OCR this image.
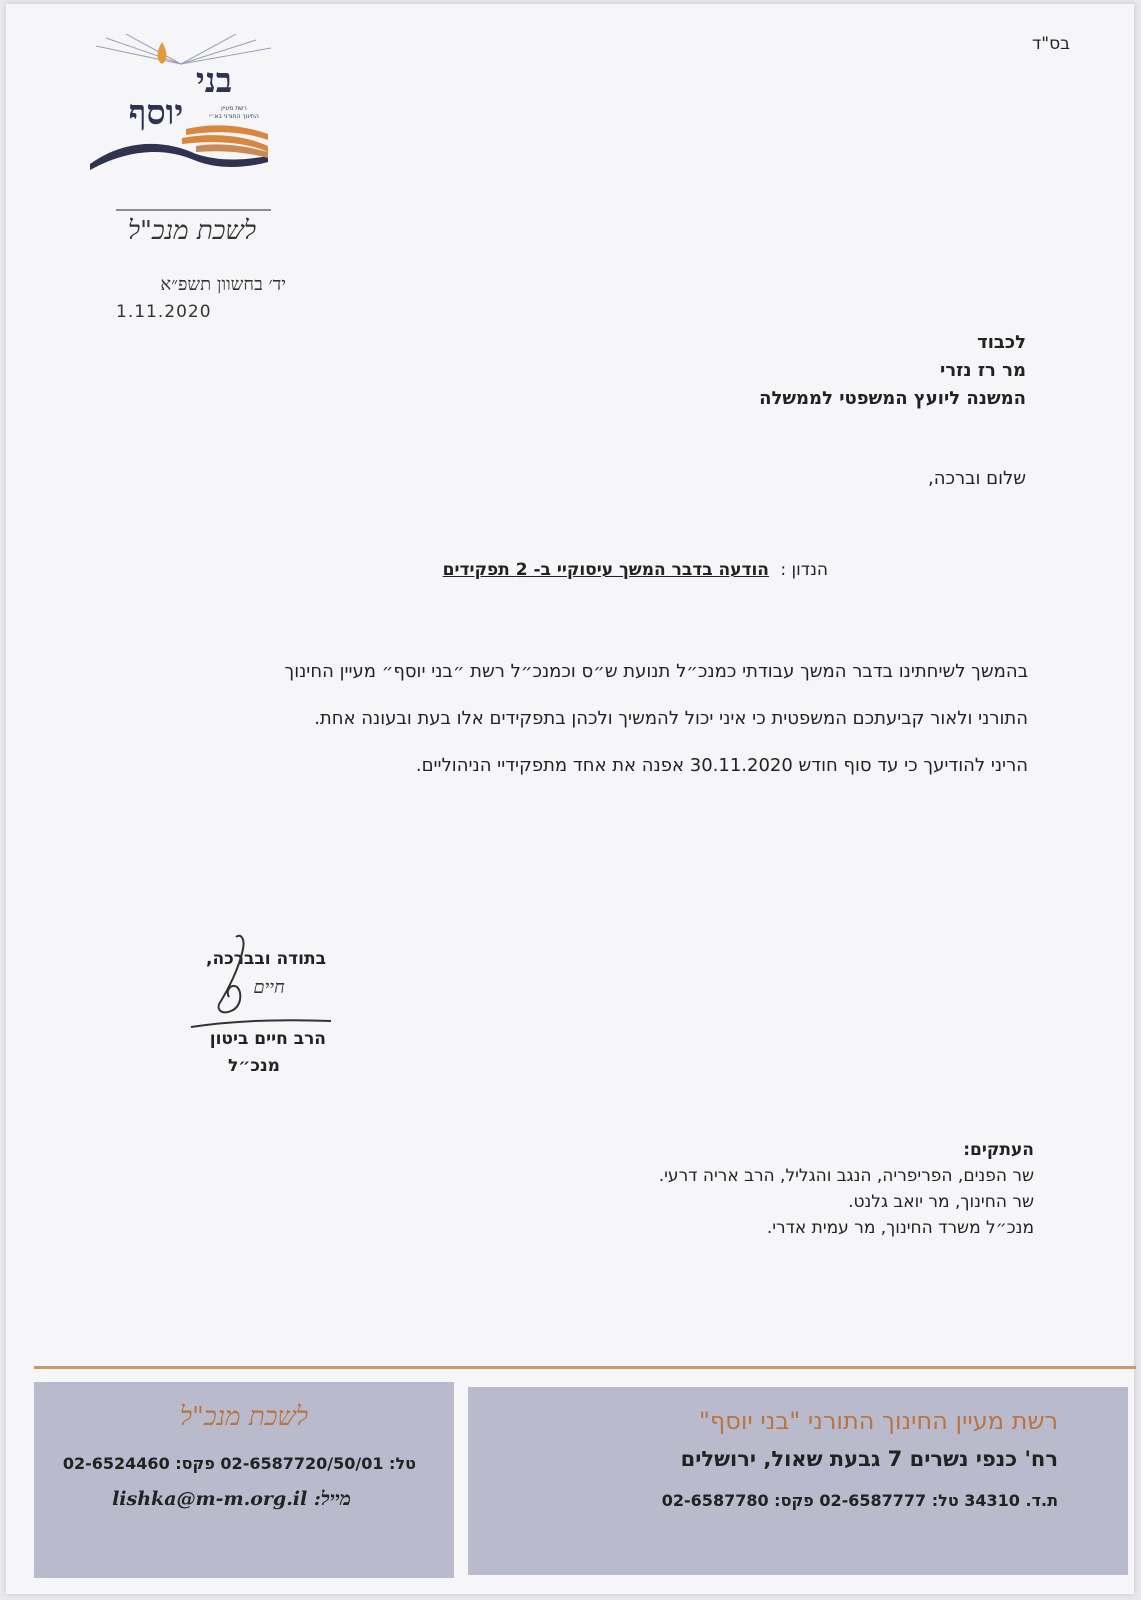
בס"ד
בני
יוסף	רשת מעיין
החינוך התורני בא״י
לשכת מנכ"ל
יד׳ בחשוון תשפ״א
1.11.2020
לכבוד
מר רז נזרי
המשנה ליועץ המשפטי לממשלה
שלום וברכה,
הנדון : הודעה בדבר המשך עיסוקיי ב- 2 תפקידים

בהמשך לשיחתינו בדבר המשך עבודתי כמנכ״ל תנועת ש״ס וכמנכ״ל רשת ״בני יוסף״ מעיין החינוך

התורני ולאור קביעתכם המשפטית כי איני יכול להמשיך ולכהן בתפקידים אלו בעת ובעונה אחת.

הריני להודיעך כי עד סוף חודש 30.11.2020 אפנה את אחד מתפקידיי הניהוליים.

בתודה ובברכה,
חיים
הרב חיים ביטון
מנכ״ל

העתקים:

שר הפנים, הפריפריה, הנגב והגליל, הרב אריה דרעי.

שר החינוך, מר יואב גלנט.

מנכ״ל משרד החינוך, מר עמית אדרי.

לשכת מנכ"ל
טל: 02-6587720/50/01 פקס: 02-6524460
מייל: lishka@m-m.org.il
רשת מעיין החינוך התורני "בני יוסף"
רח' כנפי נשרים 7 גבעת שאול, ירושלים
ת.ד. 34310 טל: 02-6587777 פקס: 02-6587780
